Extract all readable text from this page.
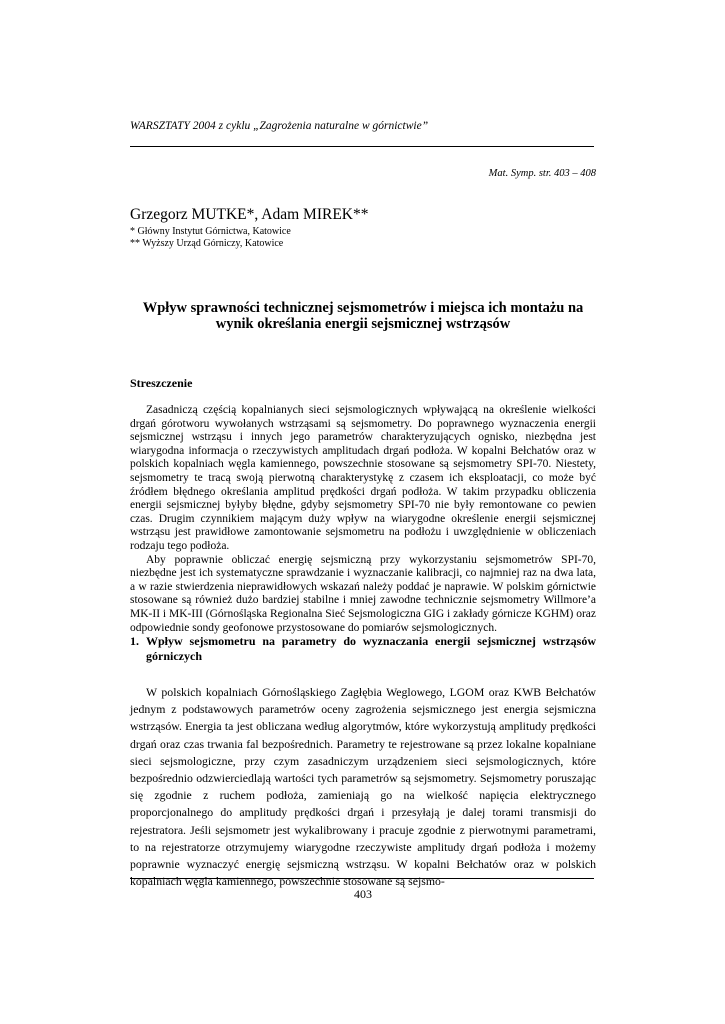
WARSZTATY 2004 z cyklu „Zagrożenia naturalne w górnictwie”
Mat. Symp. str. 403 – 408
Grzegorz MUTKE*, Adam MIREK**
* Główny Instytut Górnictwa, Katowice
** Wyższy Urząd Górniczy, Katowice
Wpływ sprawności technicznej sejsmometrów i miejsca ich montażu na wynik określania energii sejsmicznej wstrząsów
Streszczenie

Zasadniczą częścią kopalnianych sieci sejsmologicznych wpływającą na określenie wielkości drgań górotworu wywołanych wstrząsami są sejsmometry. Do poprawnego wyznaczenia energii sejsmicznej wstrząsu i innych jego parametrów charakteryzujących ognisko, niezbędna jest wiarygodna informacja o rzeczywistych amplitudach drgań podłoża. W kopalni Bełchatów oraz w polskich kopalniach węgla kamiennego, powszechnie stosowane są sejsmometry SPI-70. Niestety, sejsmometry te tracą swoją pierwotną charakterystykę z czasem ich eksploatacji, co może być źródłem błędnego określania amplitud prędkości drgań podłoża. W takim przypadku obliczenia energii sejsmicznej byłyby błędne, gdyby sejsmometry SPI-70 nie były remontowane co pewien czas. Drugim czynnikiem mającym duży wpływ na wiarygodne określenie energii sejsmicznej wstrząsu jest prawidłowe zamontowanie sejsmometru na podłożu i uwzględnienie w obliczeniach rodzaju tego podłoża.

Aby poprawnie obliczać energię sejsmiczną przy wykorzystaniu sejsmometrów SPI-70, niezbędne jest ich systematyczne sprawdzanie i wyznaczanie kalibracji, co najmniej raz na dwa lata, a w razie stwierdzenia nieprawidłowych wskazań należy poddać je naprawie. W polskim górnictwie stosowane są również dużo bardziej stabilne i mniej zawodne technicznie sejsmometry Willmore’a MK-II i MK-III (Górnośląska Regionalna Sieć Sejsmologiczna GIG i zakłady górnicze KGHM) oraz odpowiednie sondy geofonowe przystosowane do pomiarów sejsmologicznych.

1. Wpływ sejsmometru na parametry do wyznaczania energii sejsmicznej wstrząsów górniczych

W polskich kopalniach Górnośląskiego Zagłębia Weglowego, LGOM oraz KWB Bełchatów jednym z podstawowych parametrów oceny zagrożenia sejsmicznego jest energia sejsmiczna wstrząsów. Energia ta jest obliczana według algorytmów, które wykorzystują amplitudy prędkości drgań oraz czas trwania fal bezpośrednich. Parametry te rejestrowane są przez lokalne kopalniane sieci sejsmologiczne, przy czym zasadniczym urządzeniem sieci sejsmologicznych, które bezpośrednio odzwierciedlają wartości tych parametrów są sejsmometry. Sejsmometry poruszając się zgodnie z ruchem podłoża, zamieniają go na wielkość napięcia elektrycznego proporcjonalnego do amplitudy prędkości drgań i przesyłają je dalej torami transmisji do rejestratora. Jeśli sejsmometr jest wykalibrowany i pracuje zgodnie z pierwotnymi parametrami, to na rejestratorze otrzymujemy wiarygodne rzeczywiste amplitudy drgań podłoża i możemy poprawnie wyznaczyć energię sejsmiczną wstrząsu. W kopalni Bełchatów oraz w polskich kopalniach węgla kamiennego, powszechnie stosowane są sejsmo-

403
